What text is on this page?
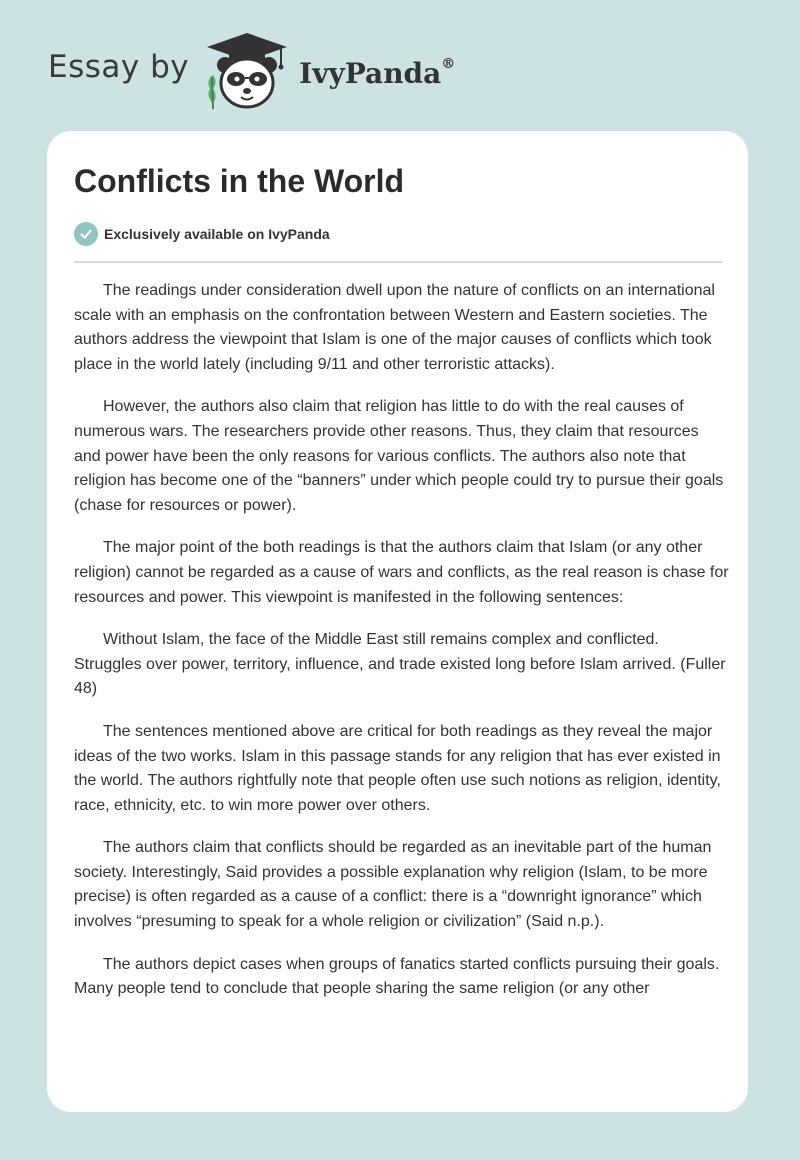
Essay by	IvyPanda®
Conflicts in the World
Exclusively available on IvyPanda

The readings under consideration dwell upon the nature of conflicts on an international scale with an emphasis on the confrontation between Western and Eastern societies. The authors address the viewpoint that Islam is one of the major causes of conflicts which took place in the world lately (including 9/11 and other terroristic attacks).

However, the authors also claim that religion has little to do with the real causes of numerous wars. The researchers provide other reasons. Thus, they claim that resources and power have been the only reasons for various conflicts. The authors also note that religion has become one of the “banners” under which people could try to pursue their goals (chase for resources or power).

The major point of the both readings is that the authors claim that Islam (or any other religion) cannot be regarded as a cause of wars and conflicts, as the real reason is chase for resources and power. This viewpoint is manifested in the following sentences:

Without Islam, the face of the Middle East still remains complex and conflicted. Struggles over power, territory, influence, and trade existed long before Islam arrived. (Fuller 48)

The sentences mentioned above are critical for both readings as they reveal the major ideas of the two works. Islam in this passage stands for any religion that has ever existed in the world. The authors rightfully note that people often use such notions as religion, identity, race, ethnicity, etc. to win more power over others.

The authors claim that conflicts should be regarded as an inevitable part of the human society. Interestingly, Said provides a possible explanation why religion (Islam, to be more precise) is often regarded as a cause of a conflict: there is a “downright ignorance” which involves “presuming to speak for a whole religion or civilization” (Said n.p.).

The authors depict cases when groups of fanatics started conflicts pursuing their goals. Many people tend to conclude that people sharing the same religion (or any other
